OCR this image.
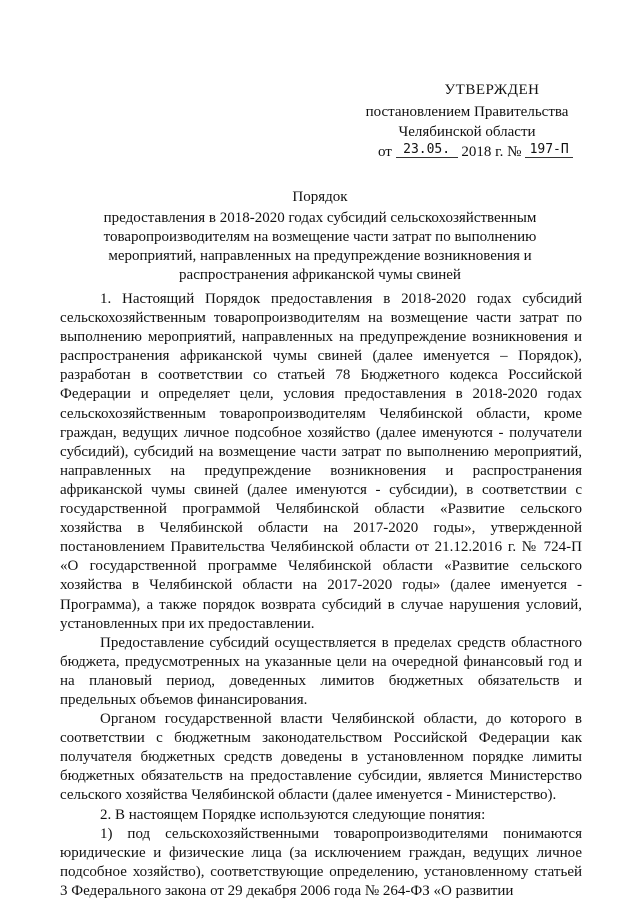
УТВЕРЖДЕН
постановлением Правительства
Челябинской области
от 23.05. 2018 г. № 197-П

Порядок

предоставления в 2018-2020 годах субсидий сельскохозяйственным товаропроизводителям на возмещение части затрат по выполнению мероприятий, направленных на предупреждение возникновения и распространения африканской чумы свиней

1. Настоящий Порядок предоставления в 2018-2020 годах субсидий сельскохозяйственным товаропроизводителям на возмещение части затрат по выполнению мероприятий, направленных на предупреждение возникновения и распространения африканской чумы свиней (далее именуется – Порядок), разработан в соответствии со статьей 78 Бюджетного кодекса Российской Федерации и определяет цели, условия предоставления в 2018-2020 годах сельскохозяйственным товаропроизводителям Челябинской области, кроме граждан, ведущих личное подсобное хозяйство (далее именуются - получатели субсидий), субсидий на возмещение части затрат по выполнению мероприятий, направленных на предупреждение возникновения и распространения африканской чумы свиней (далее именуются - субсидии), в соответствии с государственной программой Челябинской области «Развитие сельского хозяйства в Челябинской области на 2017-2020 годы», утвержденной постановлением Правительства Челябинской области от 21.12.2016 г. № 724-П «О государственной программе Челябинской области «Развитие сельского хозяйства в Челябинской области на 2017-2020 годы» (далее именуется - Программа), а также порядок возврата субсидий в случае нарушения условий, установленных при их предоставлении.

Предоставление субсидий осуществляется в пределах средств областного бюджета, предусмотренных на указанные цели на очередной финансовый год и на плановый период, доведенных лимитов бюджетных обязательств и предельных объемов финансирования.

Органом государственной власти Челябинской области, до которого в соответствии с бюджетным законодательством Российской Федерации как получателя бюджетных средств доведены в установленном порядке лимиты бюджетных обязательств на предоставление субсидии, является Министерство сельского хозяйства Челябинской области (далее именуется - Министерство).

2. В настоящем Порядке используются следующие понятия:

1) под сельскохозяйственными товаропроизводителями понимаются юридические и физические лица (за исключением граждан, ведущих личное подсобное хозяйство), соответствующие определению, установленному статьей 3 Федерального закона от 29 декабря 2006 года № 264-ФЗ «О развитии
